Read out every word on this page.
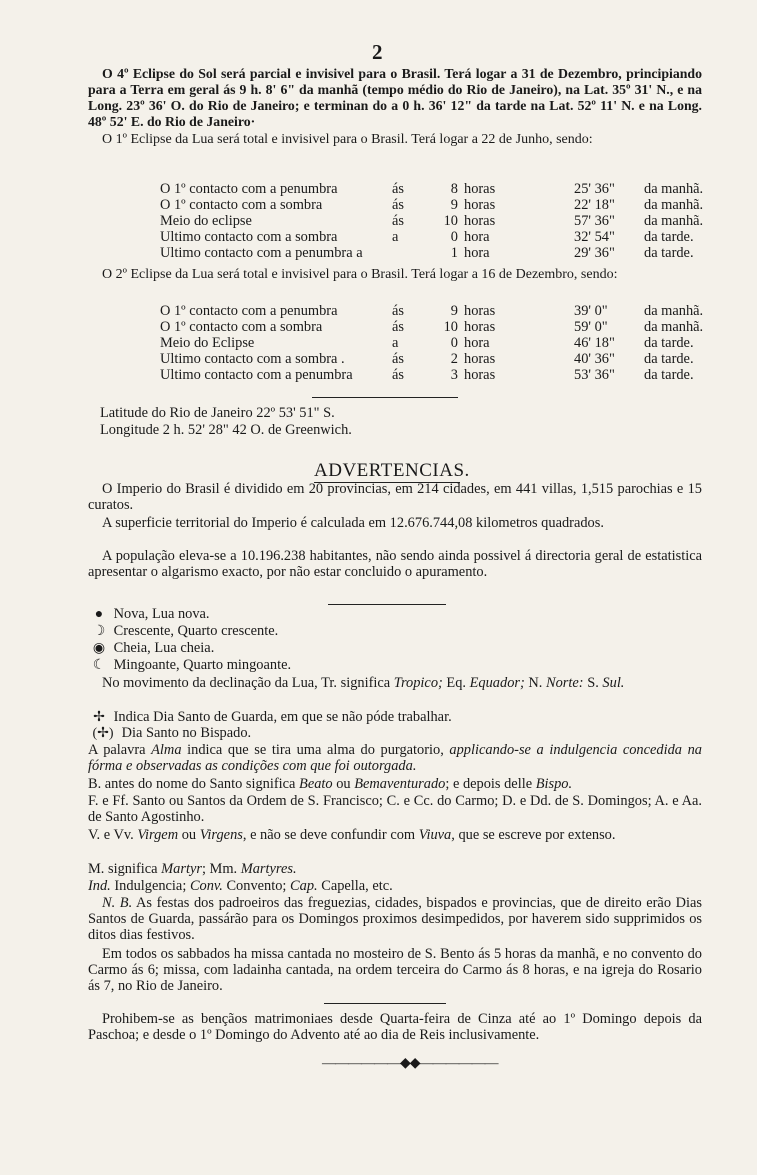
2
O 4º Eclipse do Sol será parcial e invisivel para o Brasil. Terá logar a 31 de Dezembro, principiando para a Terra em geral ás 9 h. 8' 6" da manhã (tempo médio do Rio de Janeiro), na Lat. 35º 31' N., e na Long. 23º 36' O. do Rio de Janeiro; e terminan do a 0 h. 36' 12" da tarde na Lat. 52º 11' N. e na Long. 48º 52' E. do Rio de Janeiro·
O 1º Eclipse da Lua será total e invisivel para o Brasil. Terá logar a 22 de Junho, sendo:
O 1º contacto com a penumbra	ás	8	horas	25' 36"	da manhã.
O 1º contacto com a sombra	ás	9	horas	22' 18"	da manhã.
Meio do eclipse	ás	10	horas	57' 36"	da manhã.
Ultimo contacto com a sombra	a	0	hora	32' 54"	da tarde.
Ultimo contacto com a penumbra a		1	hora	29' 36"	da tarde.
O 2º Eclipse da Lua será total e invisivel para o Brasil. Terá logar a 16 de Dezembro, sendo:
O 1º contacto com a penumbra	ás	9	horas	39' 0"	da manhã.
O 1º contacto com a sombra	ás	10	horas	59' 0"	da manhã.
Meio do Eclipse	a	0	hora	46' 18"	da tarde.
Ultimo contacto com a sombra .	ás	2	horas	40' 36"	da tarde.
Ultimo contacto com a penumbra	ás	3	horas	53' 36"	da tarde.
Latitude do Rio de Janeiro 22º 53' 51" S.
Longitude 2 h. 52' 28" 42 O. de Greenwich.
ADVERTENCIAS.
O Imperio do Brasil é dividido em 20 provincias, em 214 cidades, em 441 villas, 1,515 parochias e 15 curatos.
A superficie territorial do Imperio é calculada em 12.676.744,08 kilometros quadrados.
A população eleva-se a 10.196.238 habitantes, não sendo ainda possivel á directoria geral de estatistica apresentar o algarismo exacto, por não estar concluido o apuramento.
● Nova, Lua nova.
☽ Crescente, Quarto crescente.
◉ Cheia, Lua cheia.
☾ Mingoante, Quarto mingoante.
No movimento da declinação da Lua, Tr. significa Tropico; Eq. Equador; N. Norte: S. Sul.
✢ Indica Dia Santo de Guarda, em que se não póde trabalhar.
(✢) Dia Santo no Bispado.
A palavra Alma indica que se tira uma alma do purgatorio, applicando-se a indulgencia concedida na fórma e observadas as condições com que foi outorgada.
B. antes do nome do Santo significa Beato ou Bemaventurado; e depois delle Bispo.
F. e Ff. Santo ou Santos da Ordem de S. Francisco; C. e Cc. do Carmo; D. e Dd. de S. Domingos; A. e Aa. de Santo Agostinho.
V. e Vv. Virgem ou Virgens, e não se deve confundir com Viuva, que se escreve por extenso.
M. significa Martyr; Mm. Martyres.
Ind. Indulgencia; Conv. Convento; Cap. Capella, etc.
N. B. As festas dos padroeiros das freguezias, cidades, bispados e provincias, que de direito erão Dias Santos de Guarda, passárão para os Domingos proximos desimpedidos, por haverem sido supprimidos os ditos dias festivos.
Em todos os sabbados ha missa cantada no mosteiro de S. Bento ás 5 horas da manhã, e no convento do Carmo ás 6; missa, com ladainha cantada, na ordem terceira do Carmo ás 8 horas, e na igreja do Rosario ás 7, no Rio de Janeiro.
Prohibem-se as bençãos matrimoniaes desde Quarta-feira de Cinza até ao 1º Domingo depois da Paschoa; e desde o 1º Domingo do Advento até ao dia de Reis inclusivamente.
——————◆◆——————
